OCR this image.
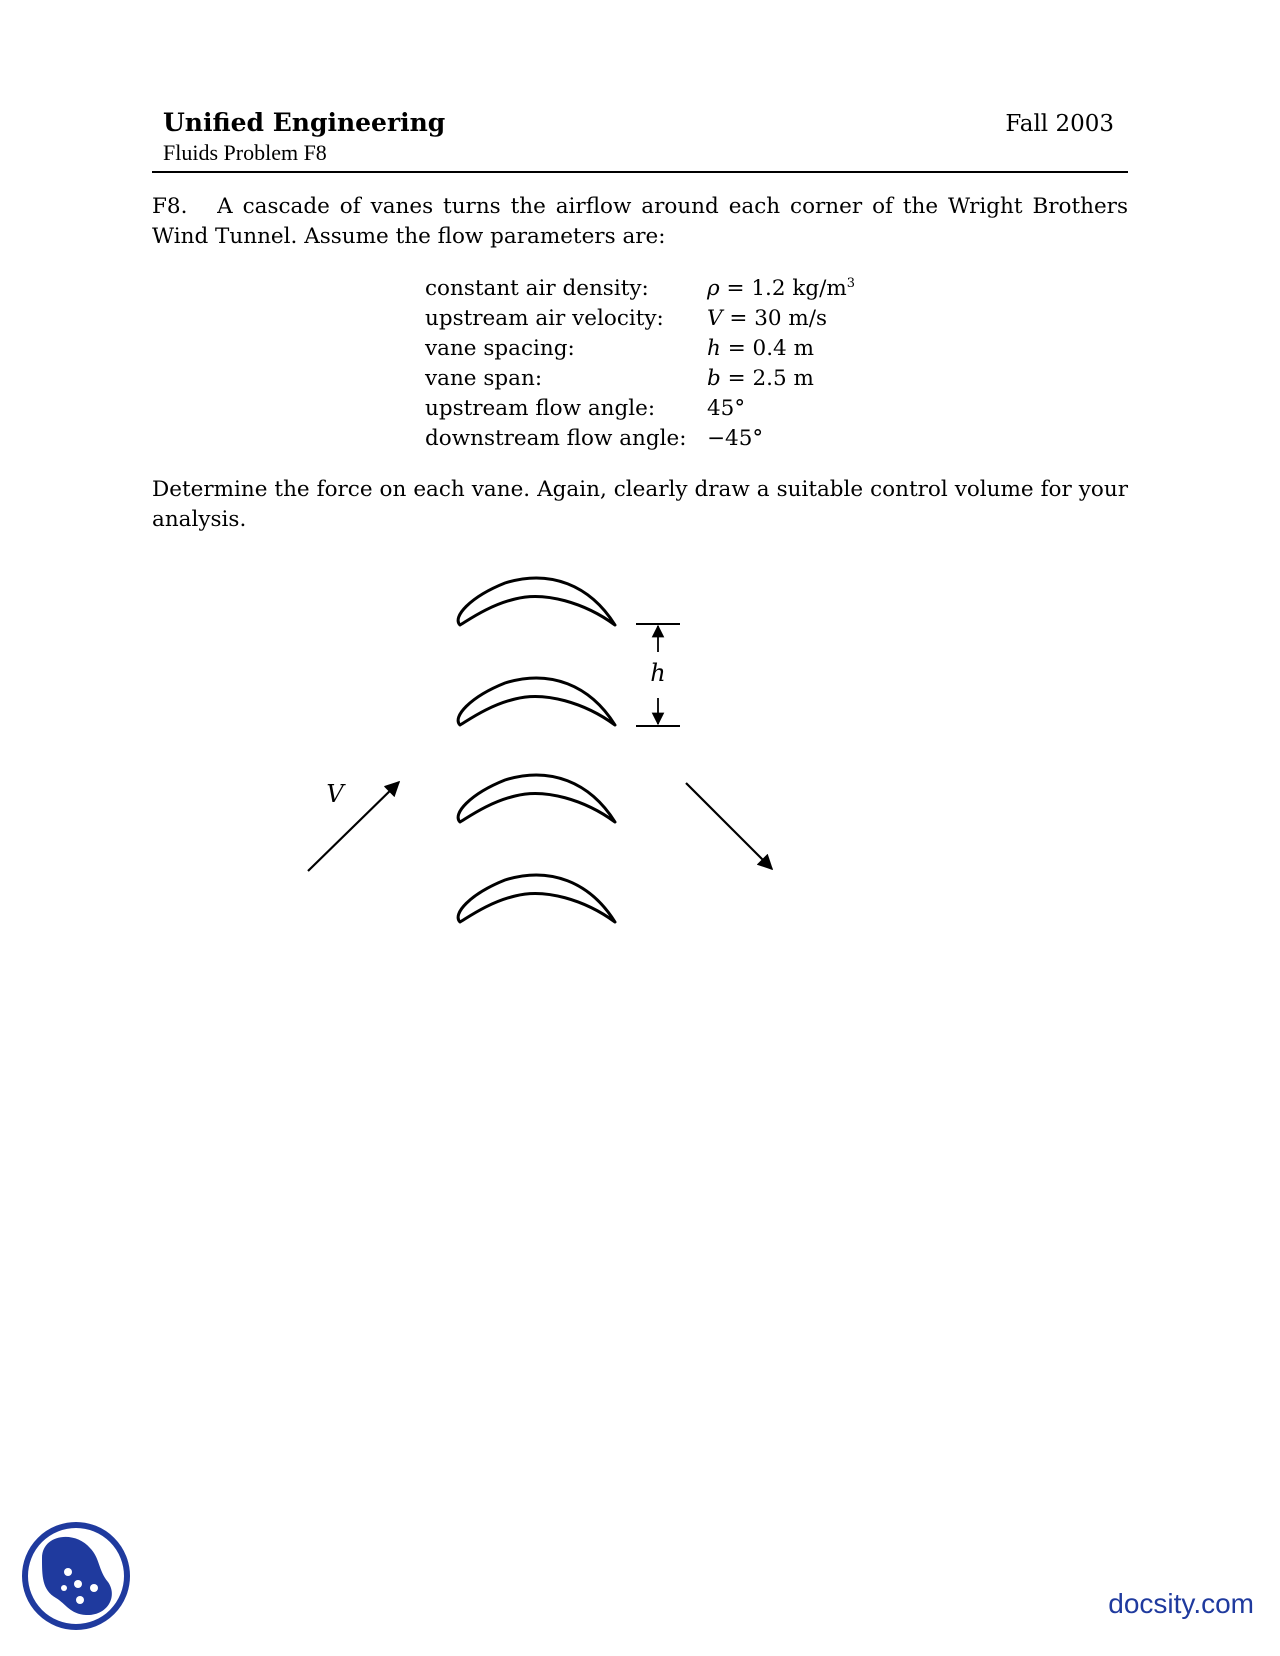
Unified Engineering
Fluids Problem F8
Fall 2003
F8. A cascade of vanes turns the airflow around each corner of the Wright Brothers Wind Tunnel. Assume the flow parameters are:
constant air density:	ρ = 1.2 $kg/m^3$
upstream air velocity:	V = 30 m/s
vane spacing:	h = 0.4 m
vane span:	b = 2.5 m
upstream flow angle:	45°
downstream flow angle:	−45°
Determine the force on each vane. Again, clearly draw a suitable control volume for your analysis.
h
V
docsity.com
